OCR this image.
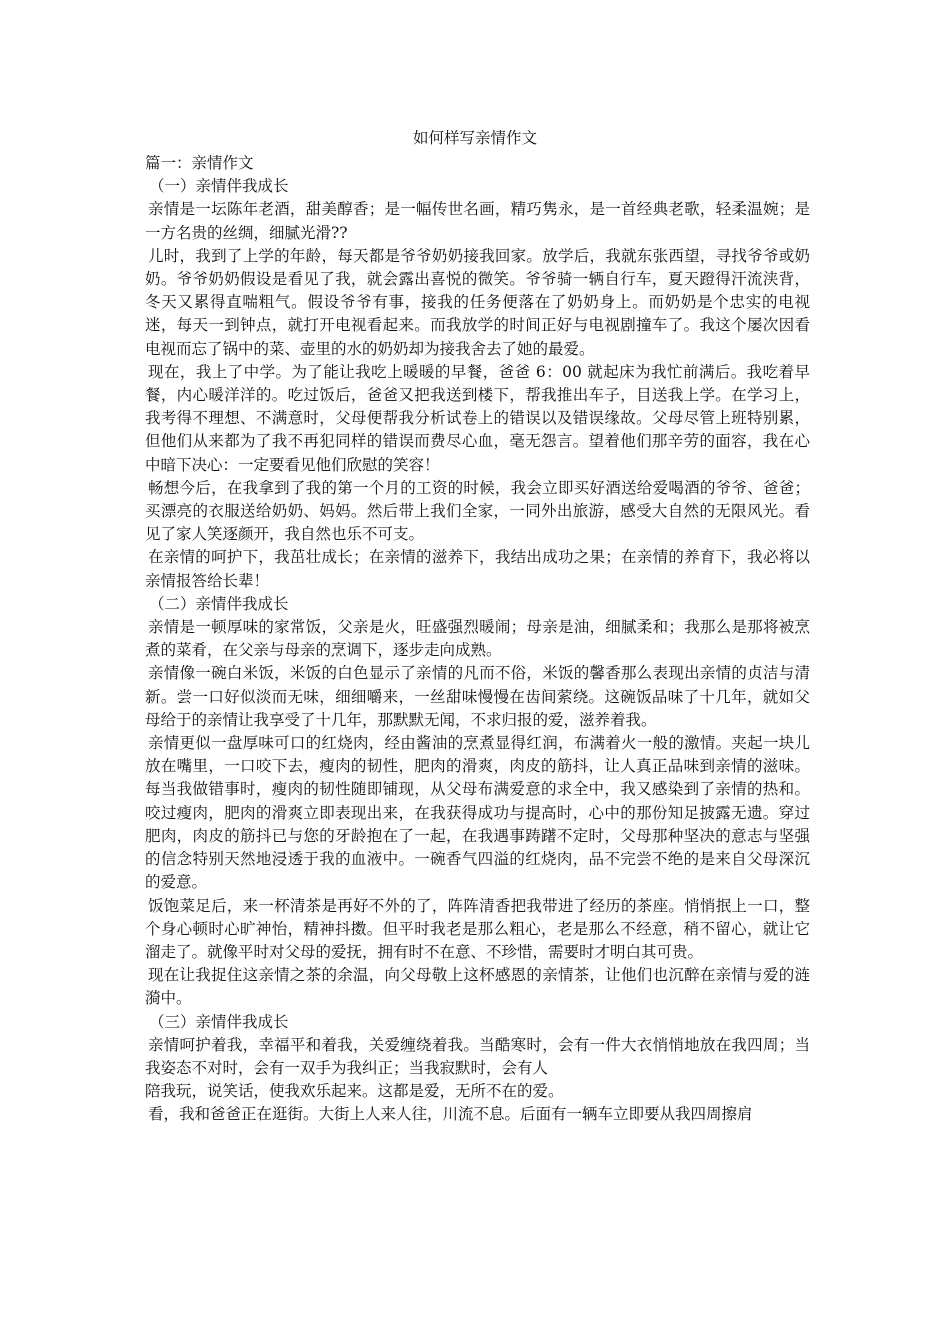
如何样写亲情作文

篇一：亲情作文

（一）亲情伴我成长

亲情是一坛陈年老酒，甜美醇香；是一幅传世名画，精巧隽永，是一首经典老歌，轻柔温婉；是一方名贵的丝绸，细腻光滑??

儿时，我到了上学的年龄，每天都是爷爷奶奶接我回家。放学后，我就东张西望，寻找爷爷或奶奶。爷爷奶奶假设是看见了我，就会露出喜悦的微笑。爷爷骑一辆自行车，夏天蹬得汗流浃背，冬天又累得直喘粗气。假设爷爷有事，接我的任务便落在了奶奶身上。而奶奶是个忠实的电视迷，每天一到钟点，就打开电视看起来。而我放学的时间正好与电视剧撞车了。我这个屡次因看电视而忘了锅中的菜、壶里的水的奶奶却为接我舍去了她的最爱。

现在，我上了中学。为了能让我吃上暖暖的早餐，爸爸 6：00 就起床为我忙前满后。我吃着早餐，内心暖洋洋的。吃过饭后，爸爸又把我送到楼下，帮我推出车子，目送我上学。在学习上，我考得不理想、不满意时，父母便帮我分析试卷上的错误以及错误缘故。父母尽管上班特别累，但他们从来都为了我不再犯同样的错误而费尽心血，毫无怨言。望着他们那辛劳的面容，我在心中暗下决心：一定要看见他们欣慰的笑容！

畅想今后，在我拿到了我的第一个月的工资的时候，我会立即买好酒送给爱喝酒的爷爷、爸爸；买漂亮的衣服送给奶奶、妈妈。然后带上我们全家，一同外出旅游，感受大自然的无限风光。看见了家人笑逐颜开，我自然也乐不可支。

在亲情的呵护下，我茁壮成长；在亲情的滋养下，我结出成功之果；在亲情的养育下，我必将以亲情报答给长辈！

（二）亲情伴我成长

亲情是一顿厚味的家常饭，父亲是火，旺盛强烈暖闹；母亲是油，细腻柔和；我那么是那将被烹煮的菜肴，在父亲与母亲的烹调下，逐步走向成熟。

亲情像一碗白米饭，米饭的白色显示了亲情的凡而不俗，米饭的馨香那么表现出亲情的贞洁与清新。尝一口好似淡而无味，细细嚼来，一丝甜味慢慢在齿间萦绕。这碗饭品味了十几年，就如父母给于的亲情让我享受了十几年，那默默无闻，不求归报的爱，滋养着我。

亲情更似一盘厚味可口的红烧肉，经由酱油的烹煮显得红润，布满着火一般的激情。夹起一块儿放在嘴里，一口咬下去，瘦肉的韧性，肥肉的滑爽，肉皮的筋抖，让人真正品味到亲情的滋味。每当我做错事时，瘦肉的韧性随即铺现，从父母布满爱意的求全中，我又感染到了亲情的热和。咬过瘦肉，肥肉的滑爽立即表现出来，在我获得成功与提高时，心中的那份知足披露无遗。穿过肥肉，肉皮的筋抖已与您的牙龄抱在了一起，在我遇事踌躇不定时，父母那种坚决的意志与坚强的信念特别天然地浸透于我的血液中。一碗香气四溢的红烧肉，品不完尝不绝的是来自父母深沉的爱意。

饭饱菜足后，来一杯清茶是再好不外的了，阵阵清香把我带进了经历的茶座。悄悄抿上一口，整个身心顿时心旷神怡，精神抖擞。但平时我老是那么粗心，老是那么不经意，稍不留心，就让它溜走了。就像平时对父母的爱抚，拥有时不在意、不珍惜，需要时才明白其可贵。

现在让我捉住这亲情之茶的余温，向父母敬上这杯感恩的亲情茶，让他们也沉醉在亲情与爱的涟漪中。

（三）亲情伴我成长

亲情呵护着我，幸福平和着我，关爱缠绕着我。当酷寒时，会有一件大衣悄悄地放在我四周；当我姿态不对时，会有一双手为我纠正；当我寂默时，会有人

陪我玩，说笑话，使我欢乐起来。这都是爱，无所不在的爱。

看，我和爸爸正在逛街。大街上人来人往，川流不息。后面有一辆车立即要从我四周擦肩
